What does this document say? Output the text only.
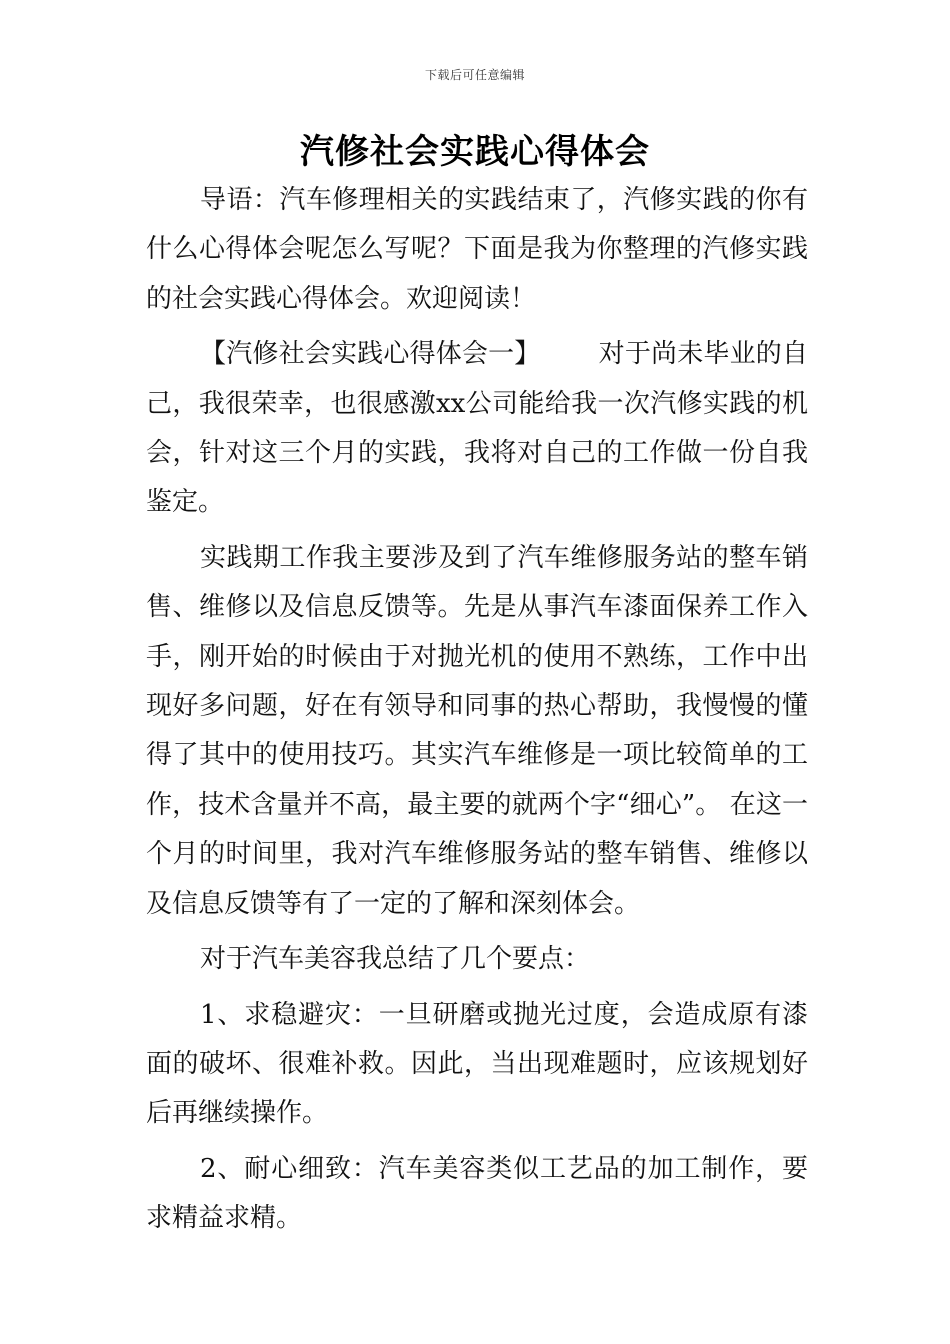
下载后可任意编辑
汽修社会实践心得体会

导语：汽车修理相关的实践结束了，汽修实践的你有什么心得体会呢怎么写呢？下面是我为你整理的汽修实践的社会实践心得体会。欢迎阅读！

【汽修社会实践心得体会一】 对于尚未毕业的自己，我很荣幸，也很感激xx公司能给我一次汽修实践的机会，针对这三个月的实践，我将对自己的工作做一份自我鉴定。

实践期工作我主要涉及到了汽车维修服务站的整车销售、维修以及信息反馈等。先是从事汽车漆面保养工作入手，刚开始的时候由于对抛光机的使用不熟练，工作中出现好多问题，好在有领导和同事的热心帮助，我慢慢的懂得了其中的使用技巧。其实汽车维修是一项比较简单的工作，技术含量并不高，最主要的就两个字“细心”。 在这一个月的时间里，我对汽车维修服务站的整车销售、维修以及信息反馈等有了一定的了解和深刻体会。

对于汽车美容我总结了几个要点：

1、求稳避灾：一旦研磨或抛光过度，会造成原有漆面的破坏、很难补救。因此，当出现难题时，应该规划好后再继续操作。

2、耐心细致：汽车美容类似工艺品的加工制作，要求精益求精。
